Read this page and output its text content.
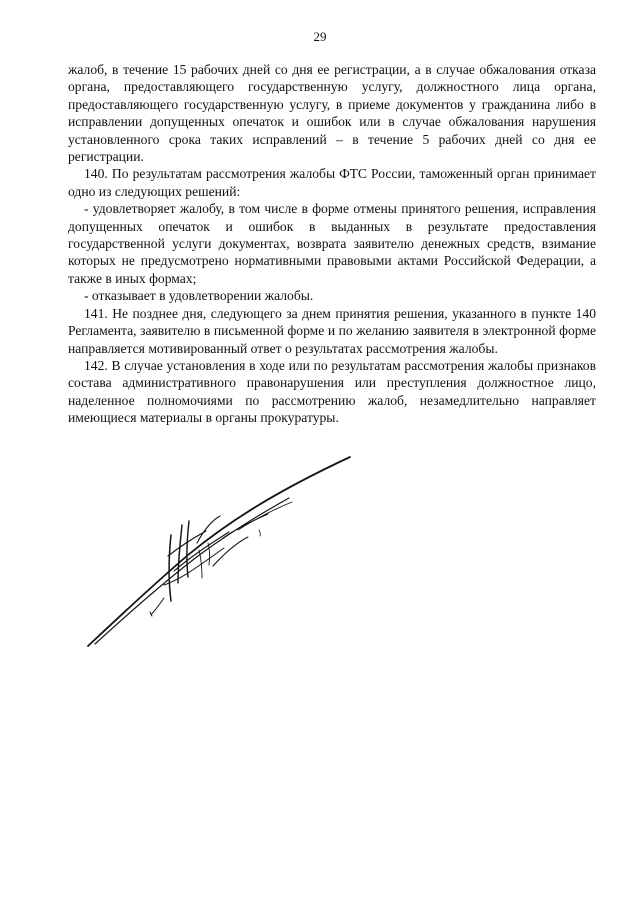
29

жалоб, в течение 15 рабочих дней со дня ее регистрации, а в случае обжалования отказа органа, предоставляющего государственную услугу, должностного лица органа, предоставляющего государственную услугу, в приеме документов у гражданина либо в исправлении допущенных опечаток и ошибок или в случае обжалования нарушения установленного срока таких исправлений – в течение 5 рабочих дней со дня ее регистрации.

140. По результатам рассмотрения жалобы ФТС России, таможенный орган принимает одно из следующих решений:

- удовлетворяет жалобу, в том числе в форме отмены принятого решения, исправления допущенных опечаток и ошибок в выданных в результате предоставления государственной услуги документах, возврата заявителю денежных средств, взимание которых не предусмотрено нормативными правовыми актами Российской Федерации, а также в иных формах;

- отказывает в удовлетворении жалобы.

141. Не позднее дня, следующего за днем принятия решения, указанного в пункте 140 Регламента, заявителю в письменной форме и по желанию заявителя в электронной форме направляется мотивированный ответ о результатах рассмотрения жалобы.

142. В случае установления в ходе или по результатам рассмотрения жалобы признаков состава административного правонарушения или преступления должностное лицо, наделенное полномочиями по рассмотрению жалоб, незамедлительно направляет имеющиеся материалы в органы прокуратуры.
